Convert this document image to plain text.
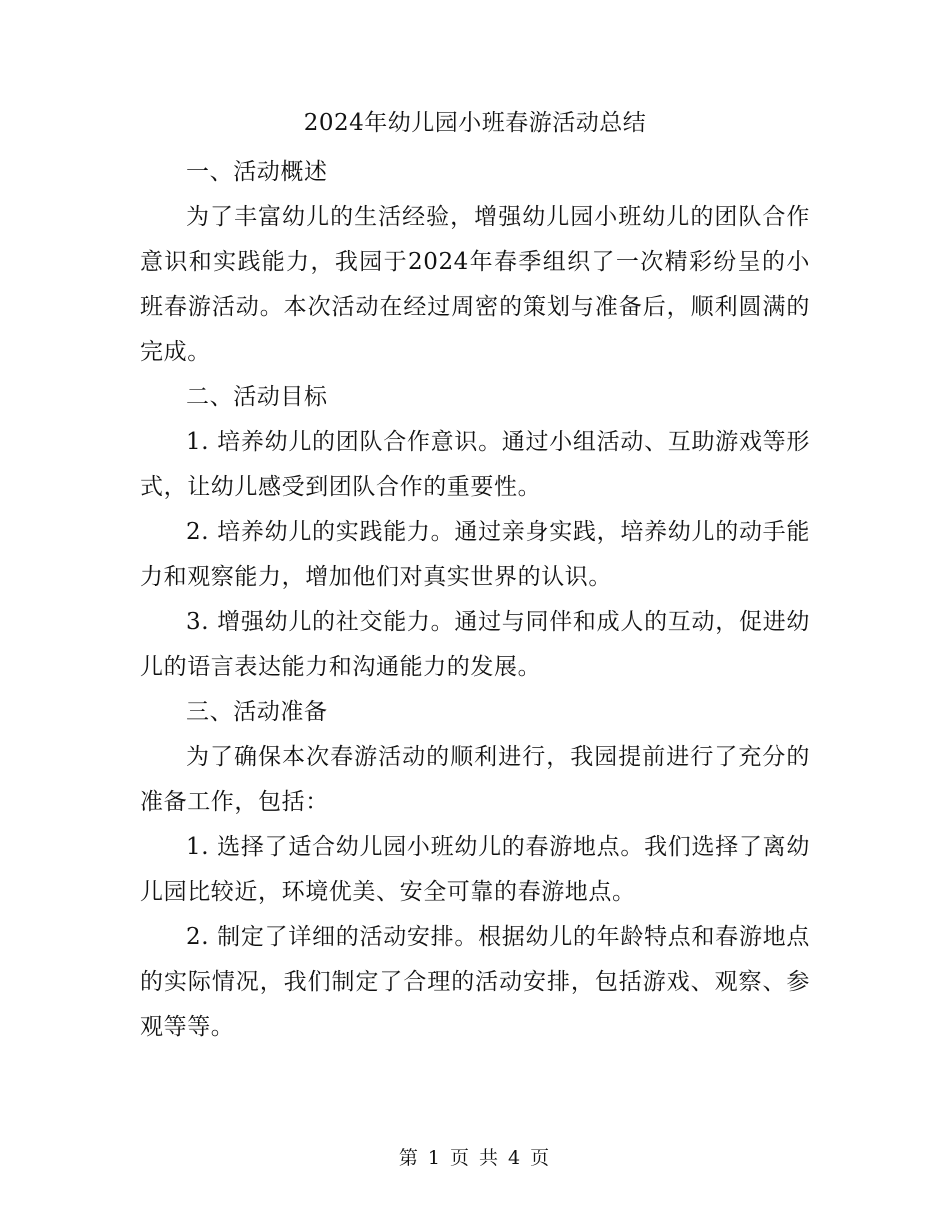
2024年幼儿园小班春游活动总结

一、活动概述

为了丰富幼儿的生活经验，增强幼儿园小班幼儿的团队合作意识和实践能力，我园于2024年春季组织了一次精彩纷呈的小班春游活动。本次活动在经过周密的策划与准备后，顺利圆满的完成。

二、活动目标

1. 培养幼儿的团队合作意识。通过小组活动、互助游戏等形式，让幼儿感受到团队合作的重要性。

2. 培养幼儿的实践能力。通过亲身实践，培养幼儿的动手能力和观察能力，增加他们对真实世界的认识。

3. 增强幼儿的社交能力。通过与同伴和成人的互动，促进幼儿的语言表达能力和沟通能力的发展。

三、活动准备

为了确保本次春游活动的顺利进行，我园提前进行了充分的准备工作，包括：

1. 选择了适合幼儿园小班幼儿的春游地点。我们选择了离幼儿园比较近，环境优美、安全可靠的春游地点。

2. 制定了详细的活动安排。根据幼儿的年龄特点和春游地点的实际情况，我们制定了合理的活动安排，包括游戏、观察、参观等等。

第 1 页 共 4 页
